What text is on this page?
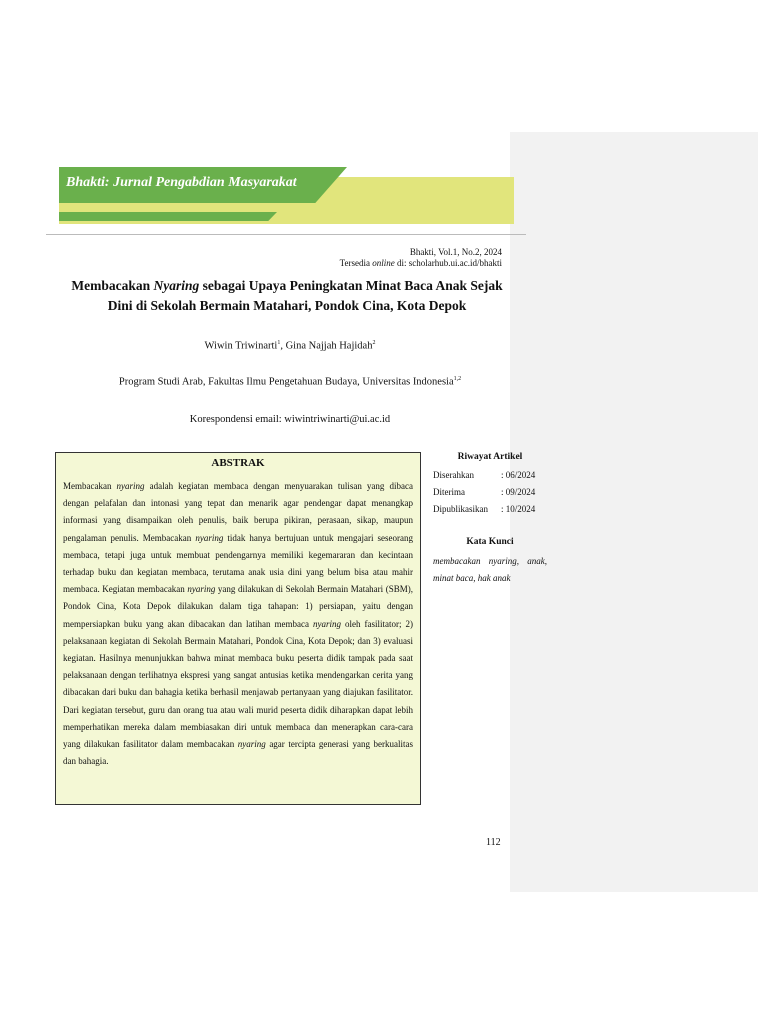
Bhakti: Jurnal Pengabdian Masyarakat
Bhakti, Vol.1, No.2, 2024
Tersedia online di: scholarhub.ui.ac.id/bhakti
Membacakan Nyaring sebagai Upaya Peningkatan Minat Baca Anak Sejak Dini di Sekolah Bermain Matahari, Pondok Cina, Kota Depok
Wiwin Triwinarti$^1$, Gina Najjah Hajidah$^2$
Program Studi Arab, Fakultas Ilmu Pengetahuan Budaya, Universitas Indonesia$^{1,2}$
Korespondensi email: wiwintriwinarti@ui.ac.id
ABSTRAK
Membacakan nyaring adalah kegiatan membaca dengan menyuarakan tulisan yang dibaca dengan pelafalan dan intonasi yang tepat dan menarik agar pendengar dapat menangkap informasi yang disampaikan oleh penulis, baik berupa pikiran, perasaan, sikap, maupun pengalaman penulis. Membacakan nyaring tidak hanya bertujuan untuk mengajari seseorang membaca, tetapi juga untuk membuat pendengarnya memiliki kegemararan dan kecintaan terhadap buku dan kegiatan membaca, terutama anak usia dini yang belum bisa atau mahir membaca. Kegiatan membacakan nyaring yang dilakukan di Sekolah Bermain Matahari (SBM), Pondok Cina, Kota Depok dilakukan dalam tiga tahapan: 1) persiapan, yaitu dengan mempersiapkan buku yang akan dibacakan dan latihan membaca nyaring oleh fasilitator; 2) pelaksanaan kegiatan di Sekolah Bermain Matahari, Pondok Cina, Kota Depok; dan 3) evaluasi kegiatan. Hasilnya menunjukkan bahwa minat membaca buku peserta didik tampak pada saat pelaksanaan dengan terlihatnya ekspresi yang sangat antusias ketika mendengarkan cerita yang dibacakan dari buku dan bahagia ketika berhasil menjawab pertanyaan yang diajukan fasilitator. Dari kegiatan tersebut, guru dan orang tua atau wali murid peserta didik diharapkan dapat lebih memperhatikan mereka dalam membiasakan diri untuk membaca dan menerapkan cara-cara yang dilakukan fasilitator dalam membacakan nyaring agar tercipta generasi yang berkualitas dan bahagia.
Riwayat Artikel
Diserahkan	: 06/2024
Diterima	: 09/2024
Dipublikasikan : 10/2024
Kata Kunci
membacakan nyaring, anak, minat baca, hak anak
112
